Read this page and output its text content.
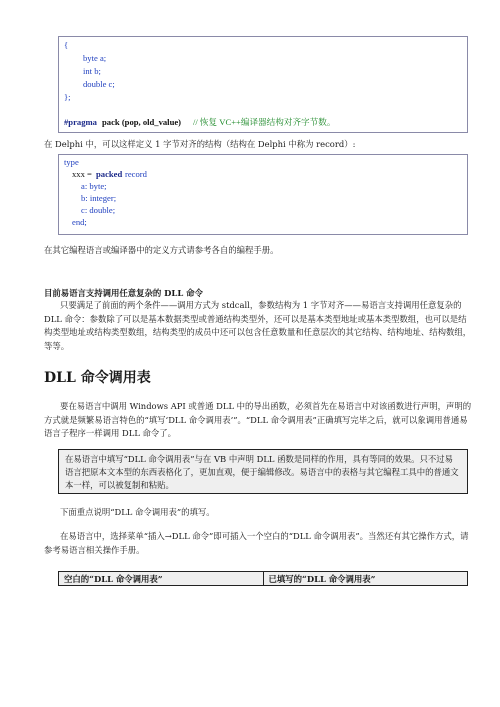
{
byte a;
int b;
double c;
};
#pragma pack (pop, old_value) // 恢复 VC++编译器结构对齐字节数。
在 Delphi 中，可以这样定义 1 字节对齐的结构（结构在 Delphi 中称为 record）:
type
xxx = packed record
a: byte;
b: integer;
c: double;
end;
在其它编程语言或编译器中的定义方式请参考各自的编程手册。
目前易语言支持调用任意复杂的 DLL 命令
只要满足了前面的两个条件——调用方式为 stdcall，参数结构为 1 字节对齐——易语言支持调用任意复杂的 DLL 命令：参数除了可以是基本数据类型或普通结构类型外，还可以是基本类型地址或基本类型数组，也可以是结构类型地址或结构类型数组，结构类型的成员中还可以包含任意数量和任意层次的其它结构、结构地址、结构数组，等等。
DLL 命令调用表
要在易语言中调用 Windows API 或普通 DLL 中的导出函数，必须首先在易语言中对该函数进行声明，声明的方式就是频繁易语言特色的“填写‘DLL 命令调用表’”。“DLL 命令调用表”正确填写完毕之后，就可以象调用普通易语言子程序一样调用 DLL 命令了。
在易语言中填写“DLL 命令调用表”与在 VB 中声明 DLL 函数是同样的作用，具有等同的效果。只不过易语言把原本文本型的东西表格化了，更加直观，便于编辑修改。易语言中的表格与其它编程工具中的普通文本一样，可以被复制和粘贴。
下面重点说明“DLL 命令调用表”的填写。
在易语言中，选择菜单“插入→DLL 命令”即可插入一个空白的“DLL 命令调用表”。当然还有其它操作方式，请参考易语言相关操作手册。
空白的“DLL 命令调用表”	已填写的“DLL 命令调用表”
